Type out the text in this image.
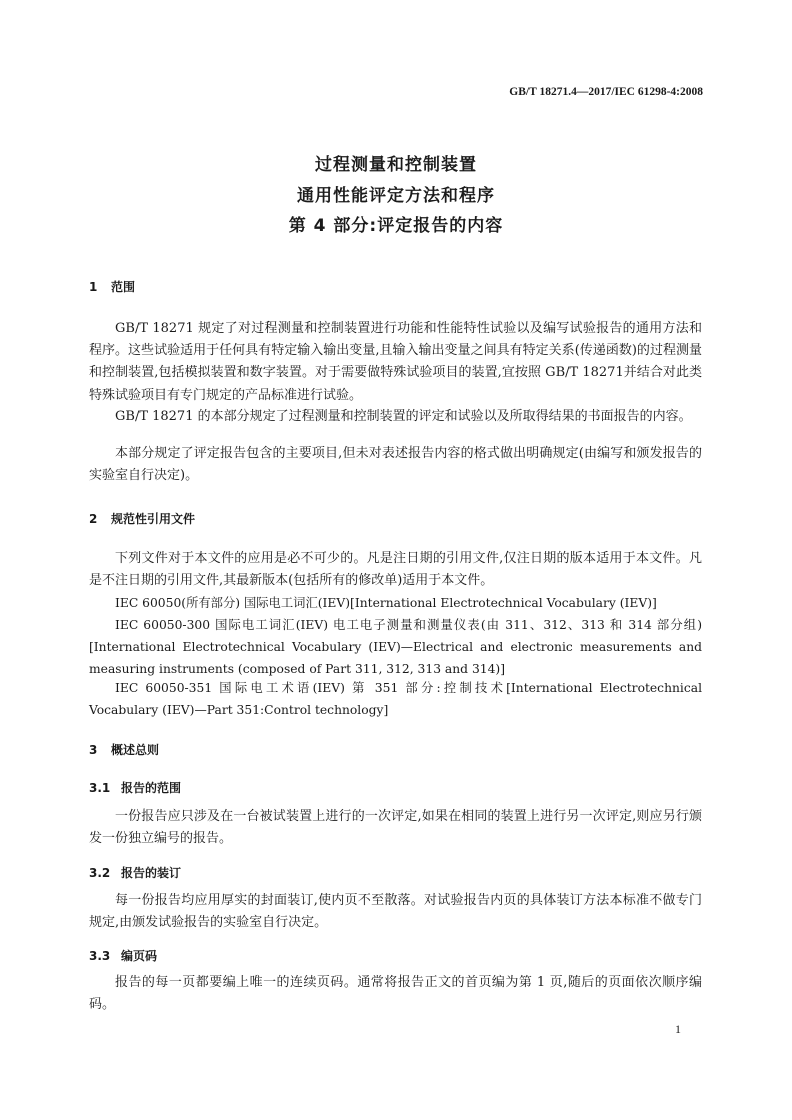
GB/T 18271.4—2017/IEC 61298-4:2008
过程测量和控制装置
通用性能评定方法和程序
第 4 部分:评定报告的内容
1 范围
GB/T 18271 规定了对过程测量和控制装置进行功能和性能特性试验以及编写试验报告的通用方法和程序。这些试验适用于任何具有特定输入输出变量,且输入输出变量之间具有特定关系(传递函数)的过程测量和控制装置,包括模拟装置和数字装置。对于需要做特殊试验项目的装置,宜按照 GB/T 18271并结合对此类特殊试验项目有专门规定的产品标准进行试验。
GB/T 18271 的本部分规定了过程测量和控制装置的评定和试验以及所取得结果的书面报告的内容。
本部分规定了评定报告包含的主要项目,但未对表述报告内容的格式做出明确规定(由编写和颁发报告的实验室自行决定)。
2 规范性引用文件
下列文件对于本文件的应用是必不可少的。凡是注日期的引用文件,仅注日期的版本适用于本文件。凡是不注日期的引用文件,其最新版本(包括所有的修改单)适用于本文件。
IEC 60050(所有部分) 国际电工词汇(IEV)[International Electrotechnical Vocabulary (IEV)]
IEC 60050-300 国际电工词汇(IEV) 电工电子测量和测量仪表(由 311、312、313 和 314 部分组)[International Electrotechnical Vocabulary (IEV)—Electrical and electronic measurements and measuring instruments (composed of Part 311, 312, 313 and 314)]
IEC 60050-351 国际电工术语(IEV) 第 351 部分:控制技术[International Electrotechnical Vocabulary (IEV)—Part 351:Control technology]
3 概述总则
3.1 报告的范围
一份报告应只涉及在一台被试装置上进行的一次评定,如果在相同的装置上进行另一次评定,则应另行颁发一份独立编号的报告。
3.2 报告的装订
每一份报告均应用厚实的封面装订,使内页不至散落。对试验报告内页的具体装订方法本标准不做专门规定,由颁发试验报告的实验室自行决定。
3.3 编页码
报告的每一页都要编上唯一的连续页码。通常将报告正文的首页编为第 1 页,随后的页面依次顺序编码。
1
